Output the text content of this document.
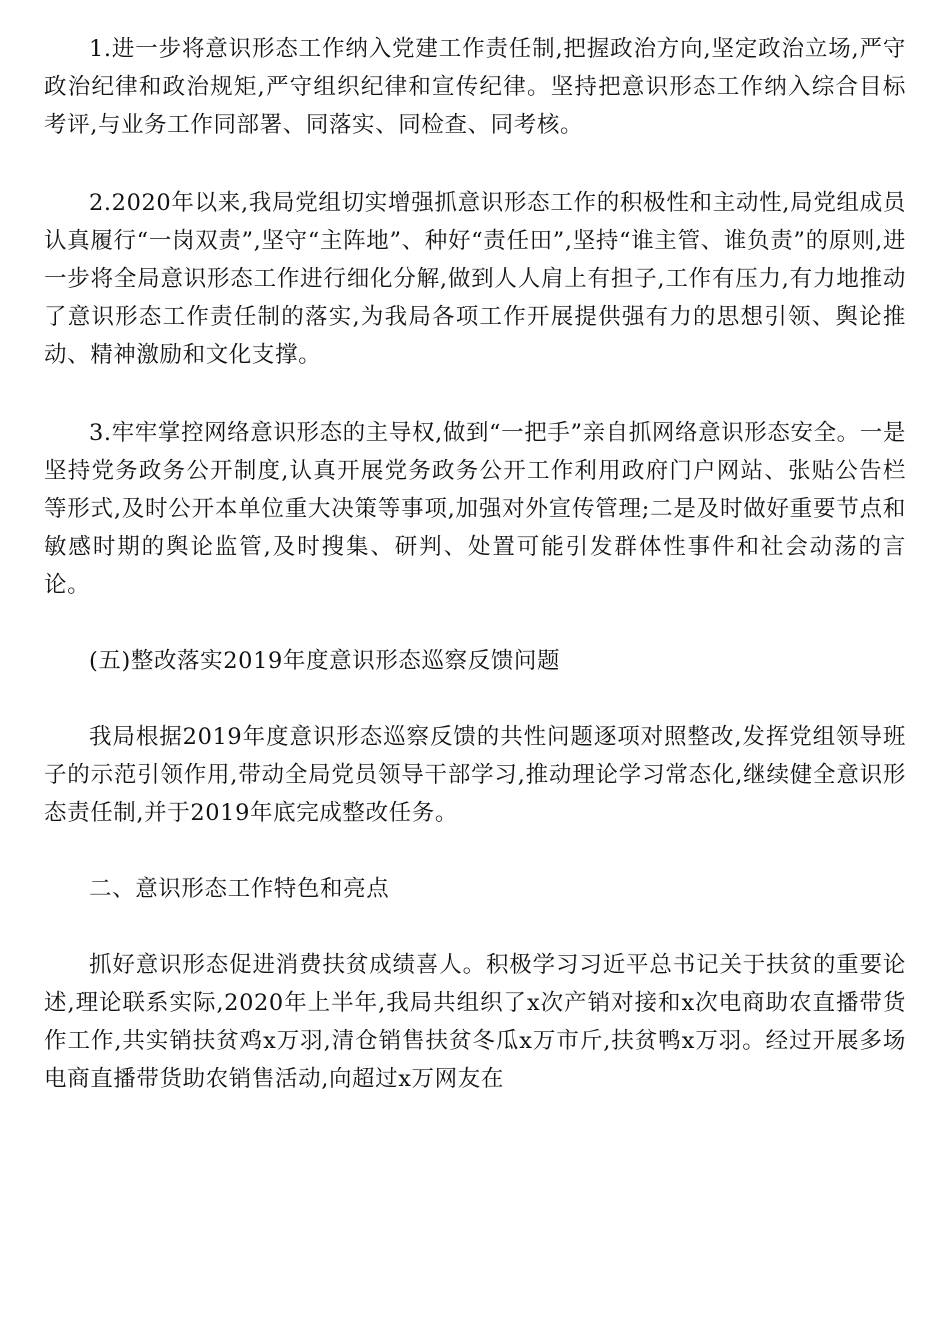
1.进一步将意识形态工作纳入党建工作责任制,把握政治方向,坚定政治立场,严守政治纪律和政治规矩,严守组织纪律和宣传纪律。坚持把意识形态工作纳入综合目标考评,与业务工作同部署、同落实、同检查、同考核。

2.2020年以来,我局党组切实增强抓意识形态工作的积极性和主动性,局党组成员认真履行“一岗双责”,坚守“主阵地”、种好“责任田”,坚持“谁主管、谁负责”的原则,进一步将全局意识形态工作进行细化分解,做到人人肩上有担子,工作有压力,有力地推动了意识形态工作责任制的落实,为我局各项工作开展提供强有力的思想引领、舆论推动、精神激励和文化支撑。

3.牢牢掌控网络意识形态的主导权,做到“一把手”亲自抓网络意识形态安全。一是坚持党务政务公开制度,认真开展党务政务公开工作利用政府门户网站、张贴公告栏等形式,及时公开本单位重大决策等事项,加强对外宣传管理;二是及时做好重要节点和敏感时期的舆论监管,及时搜集、研判、处置可能引发群体性事件和社会动荡的言论。

(五)整改落实2019年度意识形态巡察反馈问题

我局根据2019年度意识形态巡察反馈的共性问题逐项对照整改,发挥党组领导班子的示范引领作用,带动全局党员领导干部学习,推动理论学习常态化,继续健全意识形态责任制,并于2019年底完成整改任务。

二、意识形态工作特色和亮点

抓好意识形态促进消费扶贫成绩喜人。积极学习习近平总书记关于扶贫的重要论述,理论联系实际,2020年上半年,我局共组织了x次产销对接和x次电商助农直播带货作工作,共实销扶贫鸡x万羽,清仓销售扶贫冬瓜x万市斤,扶贫鸭x万羽。经过开展多场电商直播带货助农销售活动,向超过x万网友在
